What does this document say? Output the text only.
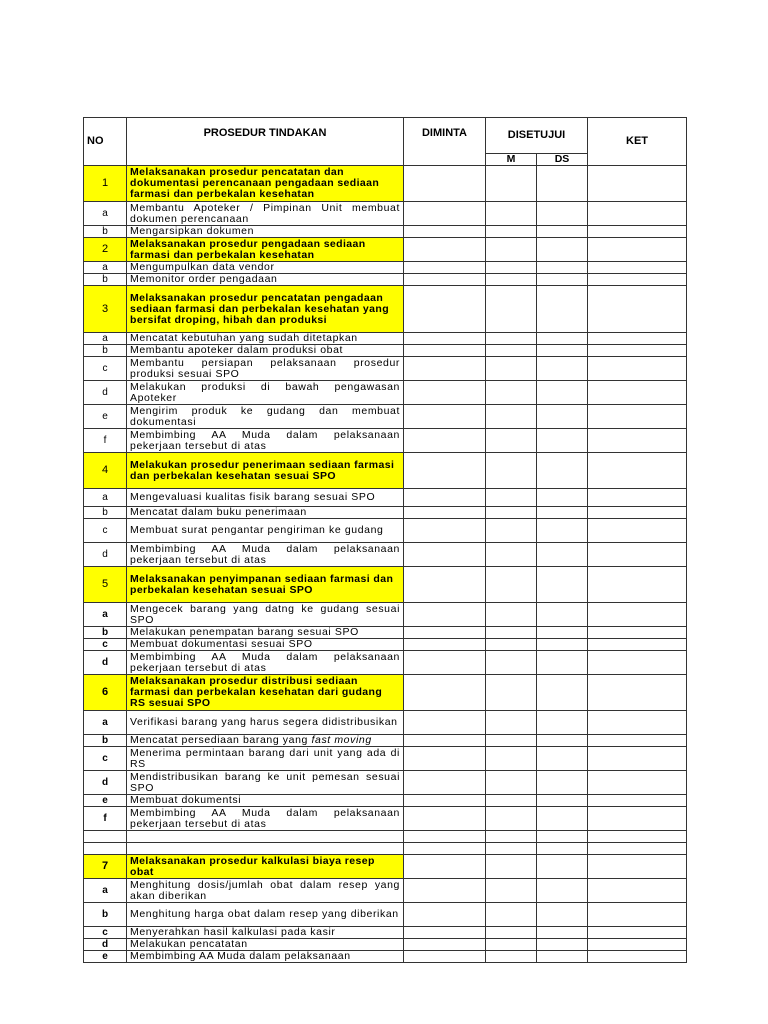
NO	PROSEDUR TINDAKAN	DIMINTA	DISETUJUI		KET
			M	DS	
1	Melaksanakan prosedur pencatatan dan dokumentasi perencanaan pengadaan sediaan farmasi dan perbekalan kesehatan				
a	Membantu Apoteker / Pimpinan Unit membuat dokumen perencanaan				
b	Mengarsipkan dokumen				
2	Melaksanakan prosedur pengadaan sediaan farmasi dan perbekalan kesehatan				
a	Mengumpulkan data vendor				
b	Memonitor order pengadaan				
3	Melaksanakan prosedur pencatatan pengadaan sediaan farmasi dan perbekalan kesehatan yang bersifat droping, hibah dan produksi				
a	Mencatat kebutuhan yang sudah ditetapkan				
b	Membantu apoteker dalam produksi obat				
c	Membantu persiapan pelaksanaan prosedur produksi sesuai SPO				
d	Melakukan produksi di bawah pengawasan Apoteker				
e	Mengirim produk ke gudang dan membuat dokumentasi				
f	Membimbing AA Muda dalam pelaksanaan pekerjaan tersebut di atas				
4	Melakukan prosedur penerimaan sediaan farmasi dan perbekalan kesehatan sesuai SPO				
a	Mengevaluasi kualitas fisik barang sesuai SPO				
b	Mencatat dalam buku penerimaan				
c	Membuat surat pengantar pengiriman ke gudang				
d	Membimbing AA Muda dalam pelaksanaan pekerjaan tersebut di atas				
5	Melaksanakan penyimpanan sediaan farmasi dan perbekalan kesehatan sesuai SPO				
a	Mengecek barang yang datng ke gudang sesuai SPO				
b	Melakukan penempatan barang sesuai SPO				
c	Membuat dokumentasi sesuai SPO				
d	Membimbing AA Muda dalam pelaksanaan pekerjaan tersebut di atas				
6	Melaksanakan prosedur distribusi sediaan farmasi dan perbekalan kesehatan dari gudang RS sesuai SPO				
a	Verifikasi barang yang harus segera didistribusikan				
b	Mencatat persediaan barang yang fast moving				
c	Menerima permintaan barang dari unit yang ada di RS				
d	Mendistribusikan barang ke unit pemesan sesuai SPO				
e	Membuat dokumentsi				
f	Membimbing AA Muda dalam pelaksanaan pekerjaan tersebut di atas				

7	Melaksanakan prosedur kalkulasi biaya resep obat				
a	Menghitung dosis/jumlah obat dalam resep yang akan diberikan				
b	Menghitung harga obat dalam resep yang diberikan				
c	Menyerahkan hasil kalkulasi pada kasir				
d	Melakukan pencatatan				
e	Membimbing AA Muda dalam pelaksanaan				
